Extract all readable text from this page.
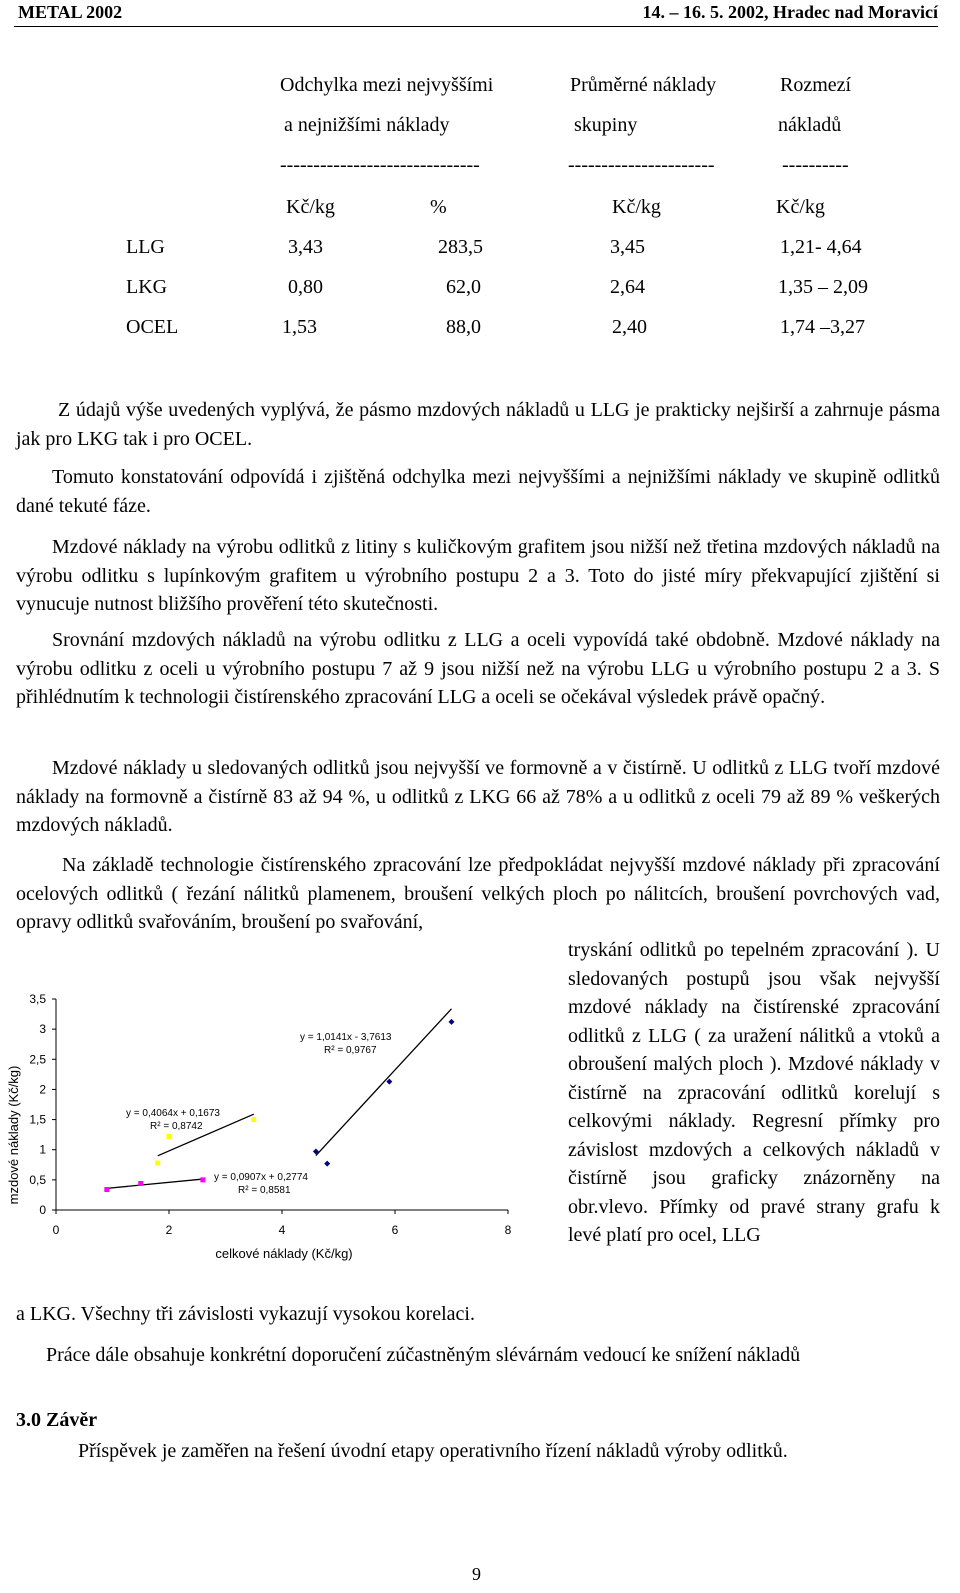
METAL 2002	14. – 16. 5. 2002, Hradec nad Moravicí
Odchylka mezi nejvyššími
a nejnižšími náklady
Průměrné náklady
skupiny
Rozmezí
nákladů
------------------------------	----------------------	----------
Kč/kg	%	Kč/kg	Kč/kg
LLG	3,43	283,5	3,45	1,21- 4,64
LKG	0,80	62,0	2,64	1,35 – 2,09
OCEL	1,53	88,0	2,40	1,74 –3,27
Z údajů výše uvedených vyplývá, že pásmo mzdových nákladů u LLG je prakticky nejširší a zahrnuje pásma jak pro LKG tak i pro OCEL.
Tomuto konstatování odpovídá i zjištěná odchylka mezi nejvyššími a nejnižšími náklady ve skupině odlitků dané tekuté fáze.
Mzdové náklady na výrobu odlitků z litiny s kuličkovým grafitem jsou nižší než třetina mzdových nákladů na výrobu odlitku s lupínkovým grafitem u výrobního postupu 2 a 3. Toto do jisté míry překvapující zjištění si vynucuje nutnost bližšího prověření této skutečnosti.
Srovnání mzdových nákladů na výrobu odlitku z LLG a oceli vypovídá také obdobně. Mzdové náklady na výrobu odlitku z oceli u výrobního postupu 7 až 9 jsou nižší než na výrobu LLG u výrobního postupu 2 a 3. S přihlédnutím k technologii čistírenského zpracování LLG a oceli se očekával výsledek právě opačný.
Mzdové náklady u sledovaných odlitků jsou nejvyšší ve formovně a v čistírně. U odlitků z LLG tvoří mzdové náklady na formovně a čistírně 83 až 94 %, u odlitků z LKG 66 až 78% a u odlitků z oceli 79 až 89 % veškerých mzdových nákladů.
Na základě technologie čistírenského zpracování lze předpokládat nejvyšší mzdové náklady při zpracování ocelových odlitků ( řezání nálitků plamenem, broušení velkých ploch po nálitcích, broušení povrchových vad, opravy odlitků svařováním, broušení po svařování,
tryskání odlitků po tepelném zpracování ). U sledovaných postupů jsou však nejvyšší mzdové náklady na čistírenské zpracování odlitků z LLG ( za uražení nálitků a vtoků a obroušení malých ploch ). Mzdové náklady v čistírně na zpracování odlitků korelují s celkovými náklady. Regresní přímky pro závislost mzdových a celkových nákladů v čistírně jsou graficky znázorněny na obr.vlevo. Přímky od pravé strany grafu k levé platí pro ocel, LLG
a LKG. Všechny tři závislosti vykazují vysokou korelaci.
Práce dále obsahuje konkrétní doporučení zúčastněným slévárnám vedoucí ke snížení nákladů
3.0 Závěr
Příspěvek je zaměřen na řešení úvodní etapy operativního řízení nákladů výroby odlitků.
mzdové náklady (Kč/kg)
celkové náklady (Kč/kg)
0
0,5
1
1,5
2
2,5
3
3,5
0	2	4	6	8
y = 0,0907x + 0,2774
R² = 0,8581
y = 0,4064x + 0,1673
R² = 0,8742
y = 1,0141x - 3,7613
R² = 0,9767
9
